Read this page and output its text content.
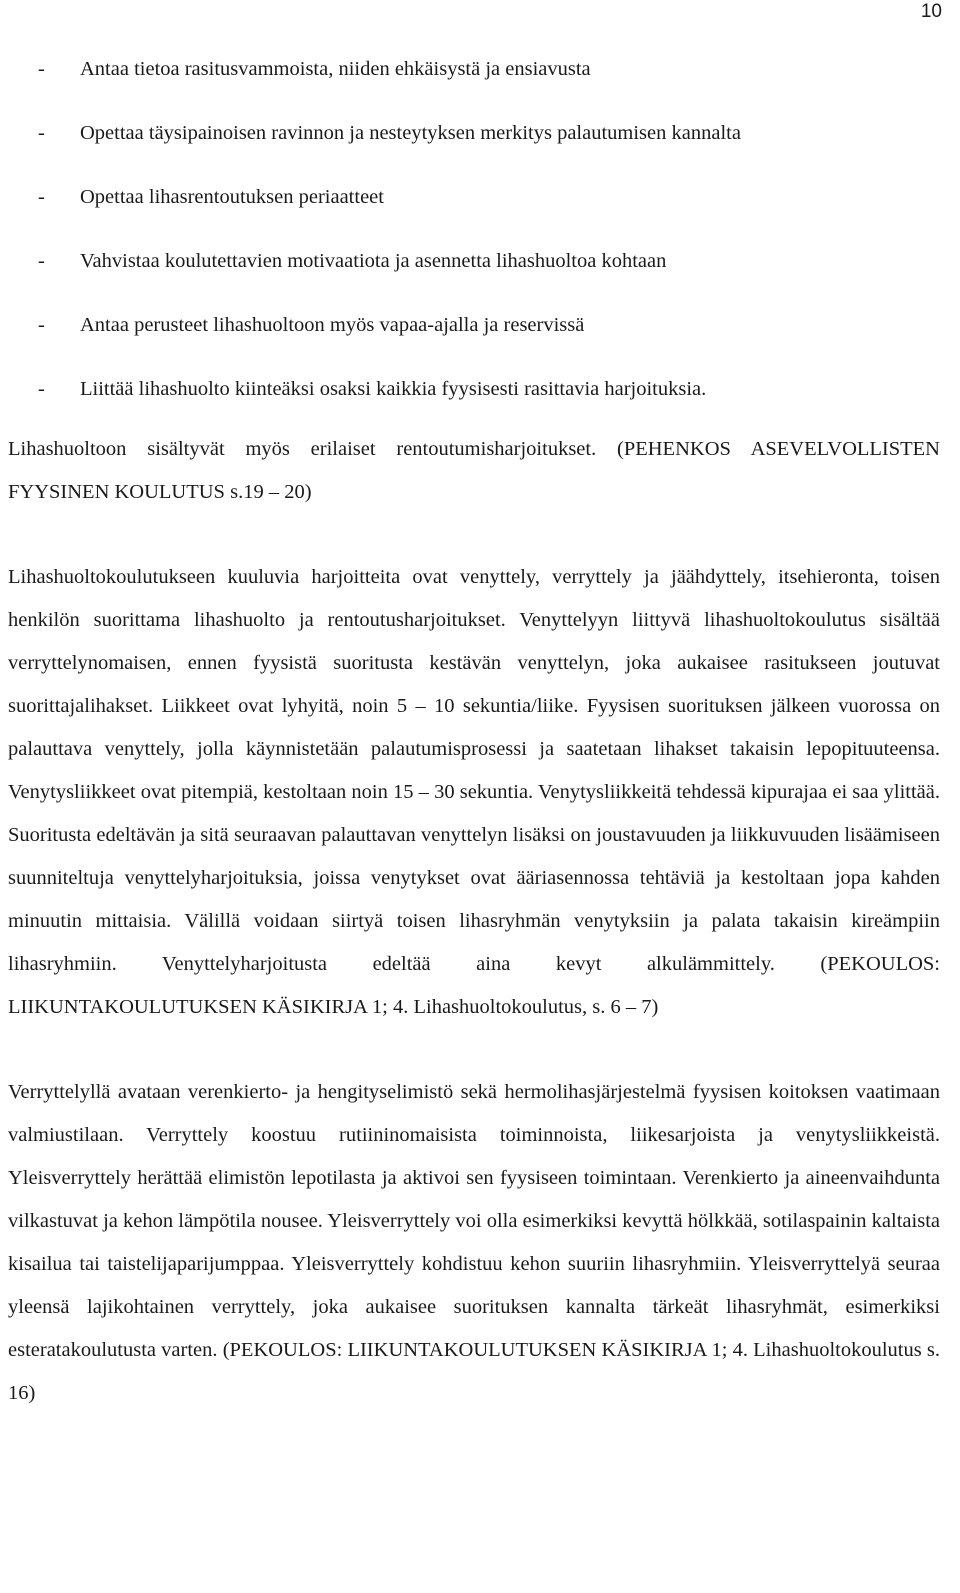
10
- Antaa tietoa rasitusvammoista, niiden ehkäisystä ja ensiavusta
- Opettaa täysipainoisen ravinnon ja nesteytyksen merkitys palautumisen kannalta
- Opettaa lihasrentoutuksen periaatteet
- Vahvistaa koulutettavien motivaatiota ja asennetta lihashuoltoa kohtaan
- Antaa perusteet lihashuoltoon myös vapaa-ajalla ja reservissä
- Liittää lihashuolto kiinteäksi osaksi kaikkia fyysisesti rasittavia harjoituksia.

Lihashuoltoon sisältyvät myös erilaiset rentoutumisharjoitukset. (PEHENKOS ASEVELVOLLISTEN FYYSINEN KOULUTUS s.19 – 20)

Lihashuoltokoulutukseen kuuluvia harjoitteita ovat venyttely, verryttely ja jäähdyttely, itsehieronta, toisen henkilön suorittama lihashuolto ja rentoutusharjoitukset. Venyttelyyn liittyvä lihashuoltokoulutus sisältää verryttelynomaisen, ennen fyysistä suoritusta kestävän venyttelyn, joka aukaisee rasitukseen joutuvat suorittajalihakset. Liikkeet ovat lyhyitä, noin 5 – 10 sekuntia/liike. Fyysisen suorituksen jälkeen vuorossa on palauttava venyttely, jolla käynnistetään palautumisprosessi ja saatetaan lihakset takaisin lepopituuteensa. Venytysliikkeet ovat pitempiä, kestoltaan noin 15 – 30 sekuntia. Venytysliikkeitä tehdessä kipurajaa ei saa ylittää. Suoritusta edeltävän ja sitä seuraavan palauttavan venyttelyn lisäksi on joustavuuden ja liikkuvuuden lisäämiseen suunniteltuja venyttelyharjoituksia, joissa venytykset ovat ääriasennossa tehtäviä ja kestoltaan jopa kahden minuutin mittaisia. Välillä voidaan siirtyä toisen lihasryhmän venytyksiin ja palata takaisin kireämpiin lihasryhmiin. Venyttelyharjoitusta edeltää aina kevyt alkulämmittely. (PEKOULOS: LIIKUNTAKOULUTUKSEN KÄSIKIRJA 1; 4. Lihashuoltokoulutus, s. 6 – 7)

Verryttelyllä avataan verenkierto- ja hengityselimistö sekä hermolihasjärjestelmä fyysisen koitoksen vaatimaan valmiustilaan. Verryttely koostuu rutiininomaisista toiminnoista, liikesarjoista ja venytysliikkeistä. Yleisverryttely herättää elimistön lepotilasta ja aktivoi sen fyysiseen toimintaan. Verenkierto ja aineenvaihdunta vilkastuvat ja kehon lämpötila nousee. Yleisverryttely voi olla esimerkiksi kevyttä hölkkää, sotilaspainin kaltaista kisailua tai taistelijaparijumppaa. Yleisverryttely kohdistuu kehon suuriin lihasryhmiin. Yleisverryttelyä seuraa yleensä lajikohtainen verryttely, joka aukaisee suorituksen kannalta tärkeät lihasryhmät, esimerkiksi esteratakoulutusta varten. (PEKOULOS: LIIKUNTAKOULUTUKSEN KÄSIKIRJA 1; 4. Lihashuoltokoulutus s. 16)
